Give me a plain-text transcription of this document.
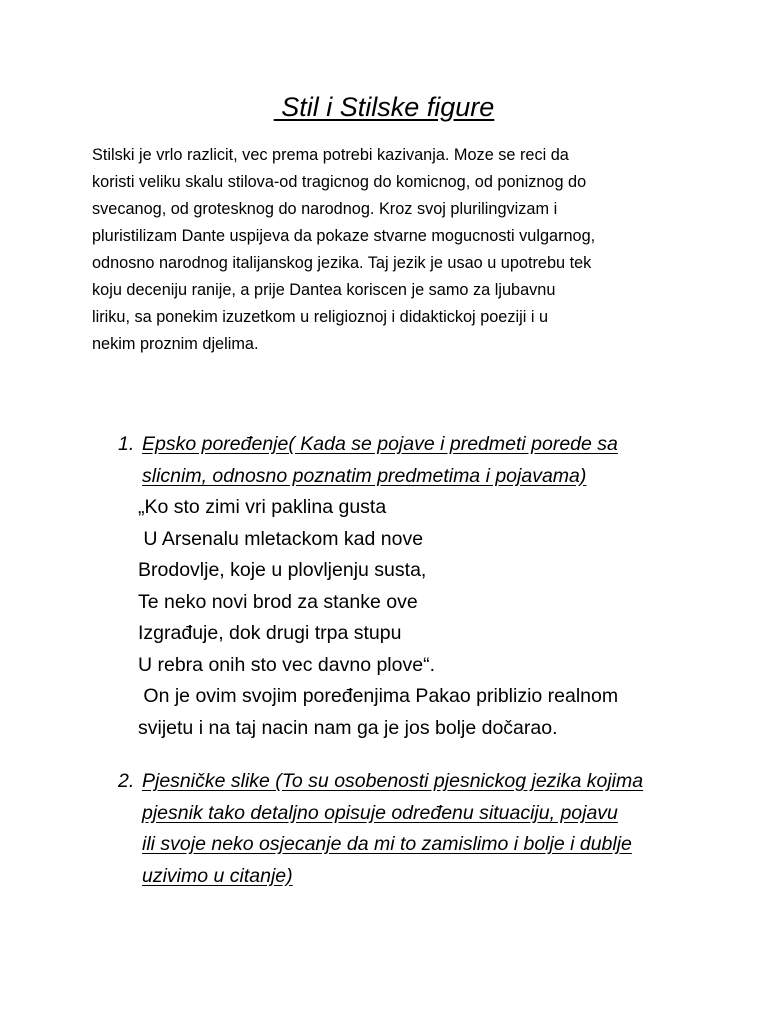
Stil i Stilske figure
Stilski je vrlo razlicit, vec prema potrebi kazivanja. Moze se reci da
koristi veliku skalu stilova-od tragicnog do komicnog, od poniznog do
svecanog, od grotesknog do narodnog. Kroz svoj plurilingvizam i
pluristilizam Dante uspijeva da pokaze stvarne mogucnosti vulgarnog,
odnosno narodnog italijanskog jezika. Taj jezik je usao u upotrebu tek
koju deceniju ranije, a prije Dantea koriscen je samo za ljubavnu
liriku, sa ponekim izuzetkom u religioznoj i didaktickoj poeziji i u
nekim proznim djelima.
1. Epsko poređenje( Kada se pojave i predmeti porede sa
slicnim, odnosno poznatim predmetima i pojavama)
„Ko sto zimi vri paklina gusta
U Arsenalu mletackom kad nove
Brodovlje, koje u plovljenju susta,
Te neko novi brod za stanke ove
Izgrađuje, dok drugi trpa stupu
U rebra onih sto vec davno plove“.
On je ovim svojim poređenjima Pakao priblizio realnom
svijetu i na taj nacin nam ga je jos bolje dočarao.
2. Pjesničke slike (To su osobenosti pjesnickog jezika kojima
pjesnik tako detaljno opisuje određenu situaciju, pojavu
ili svoje neko osjecanje da mi to zamislimo i bolje i dublje
uzivimo u citanje)
